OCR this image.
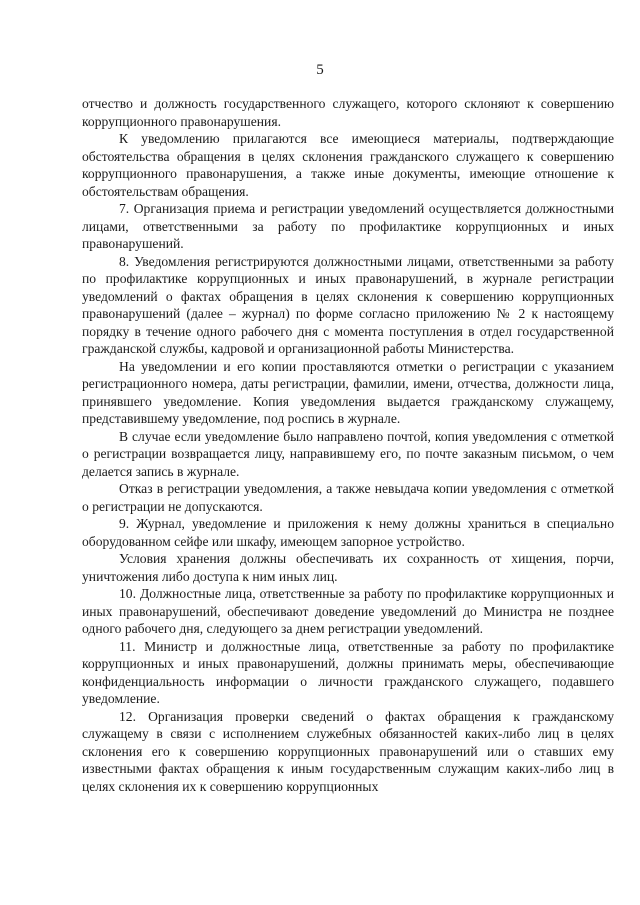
5

отчество и должность государственного служащего, которого склоняют к совершению коррупционного правонарушения.

К уведомлению прилагаются все имеющиеся материалы, подтверждающие обстоятельства обращения в целях склонения гражданского служащего к совершению коррупционного правонарушения, а также иные документы, имеющие отношение к обстоятельствам обращения.

7. Организация приема и регистрации уведомлений осуществляется должностными лицами, ответственными за работу по профилактике коррупционных и иных правонарушений.

8. Уведомления регистрируются должностными лицами, ответственными за работу по профилактике коррупционных и иных правонарушений, в журнале регистрации уведомлений о фактах обращения в целях склонения к совершению коррупционных правонарушений (далее – журнал) по форме согласно приложению № 2 к настоящему порядку в течение одного рабочего дня с момента поступления в отдел государственной гражданской службы, кадровой и организационной работы Министерства.

На уведомлении и его копии проставляются отметки о регистрации с указанием регистрационного номера, даты регистрации, фамилии, имени, отчества, должности лица, принявшего уведомление. Копия уведомления выдается гражданскому служащему, представившему уведомление, под роспись в журнале.

В случае если уведомление было направлено почтой, копия уведомления с отметкой о регистрации возвращается лицу, направившему его, по почте заказным письмом, о чем делается запись в журнале.

Отказ в регистрации уведомления, а также невыдача копии уведомления с отметкой о регистрации не допускаются.

9. Журнал, уведомление и приложения к нему должны храниться в специально оборудованном сейфе или шкафу, имеющем запорное устройство.

Условия хранения должны обеспечивать их сохранность от хищения, порчи, уничтожения либо доступа к ним иных лиц.

10. Должностные лица, ответственные за работу по профилактике коррупционных и иных правонарушений, обеспечивают доведение уведомлений до Министра не позднее одного рабочего дня, следующего за днем регистрации уведомлений.

11. Министр и должностные лица, ответственные за работу по профилактике коррупционных и иных правонарушений, должны принимать меры, обеспечивающие конфиденциальность информации о личности гражданского служащего, подавшего уведомление.

12. Организация проверки сведений о фактах обращения к гражданскому служащему в связи с исполнением служебных обязанностей каких-либо лиц в целях склонения его к совершению коррупционных правонарушений или о ставших ему известными фактах обращения к иным государственным служащим каких-либо лиц в целях склонения их к совершению коррупционных
